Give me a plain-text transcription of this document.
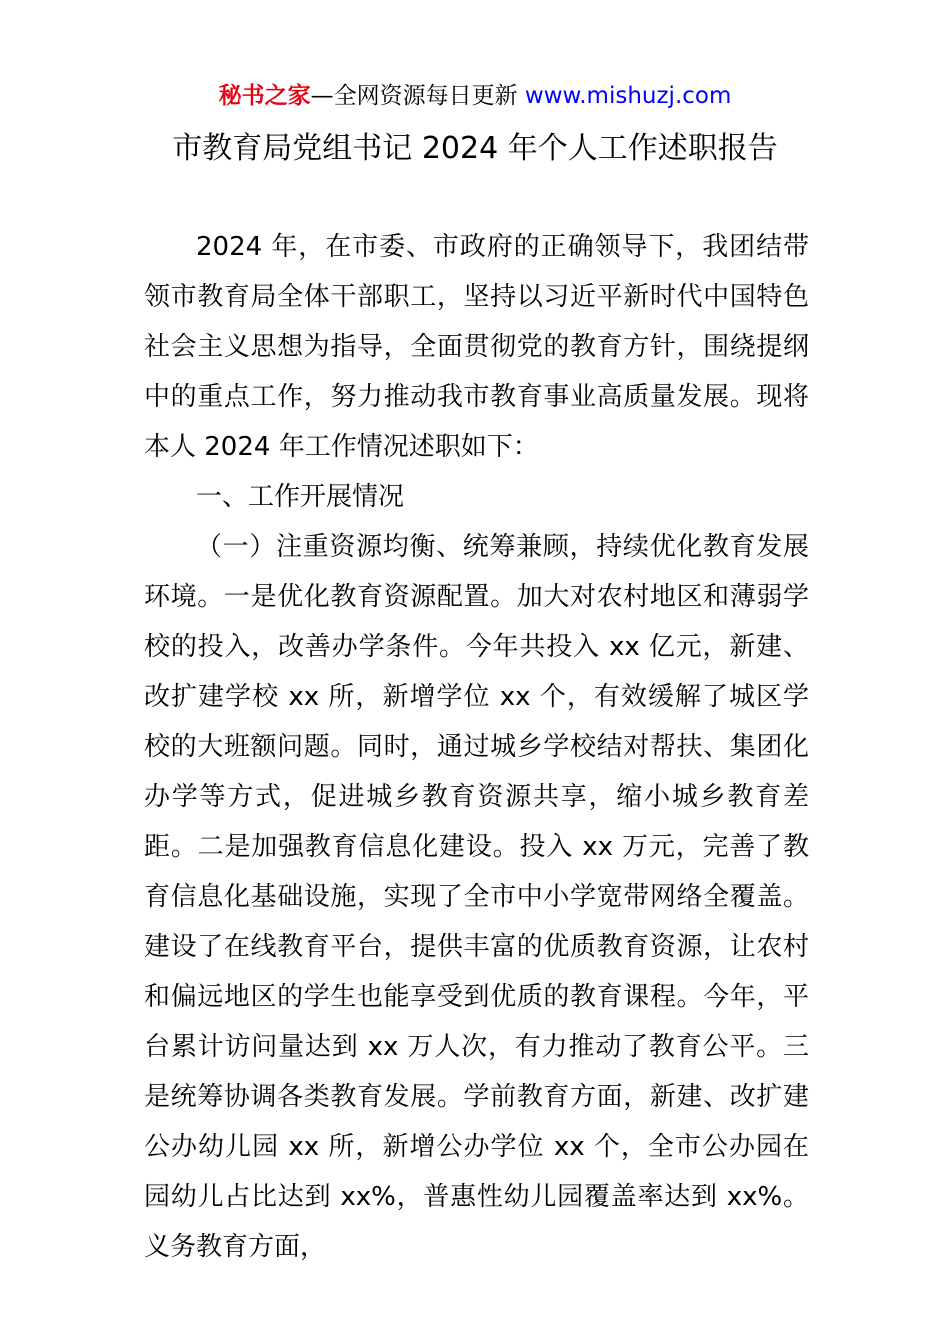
秘书之家—全网资源每日更新 www.mishuzj.com
市教育局党组书记 2024 年个人工作述职报告

2024 年，在市委、市政府的正确领导下，我团结带领市教育局全体干部职工，坚持以习近平新时代中国特色社会主义思想为指导，全面贯彻党的教育方针，围绕提纲中的重点工作，努力推动我市教育事业高质量发展。现将本人 2024 年工作情况述职如下：

一、工作开展情况

（一）注重资源均衡、统筹兼顾，持续优化教育发展环境。一是优化教育资源配置。加大对农村地区和薄弱学校的投入，改善办学条件。今年共投入 xx 亿元，新建、改扩建学校 xx 所，新增学位 xx 个，有效缓解了城区学校的大班额问题。同时，通过城乡学校结对帮扶、集团化办学等方式，促进城乡教育资源共享，缩小城乡教育差距。二是加强教育信息化建设。投入 xx 万元，完善了教育信息化基础设施，实现了全市中小学宽带网络全覆盖。建设了在线教育平台，提供丰富的优质教育资源，让农村和偏远地区的学生也能享受到优质的教育课程。今年，平台累计访问量达到 xx 万人次，有力推动了教育公平。三是统筹协调各类教育发展。学前教育方面，新建、改扩建公办幼儿园 xx 所，新增公办学位 xx 个，全市公办园在园幼儿占比达到 xx%，普惠性幼儿园覆盖率达到 xx%。义务教育方面，
